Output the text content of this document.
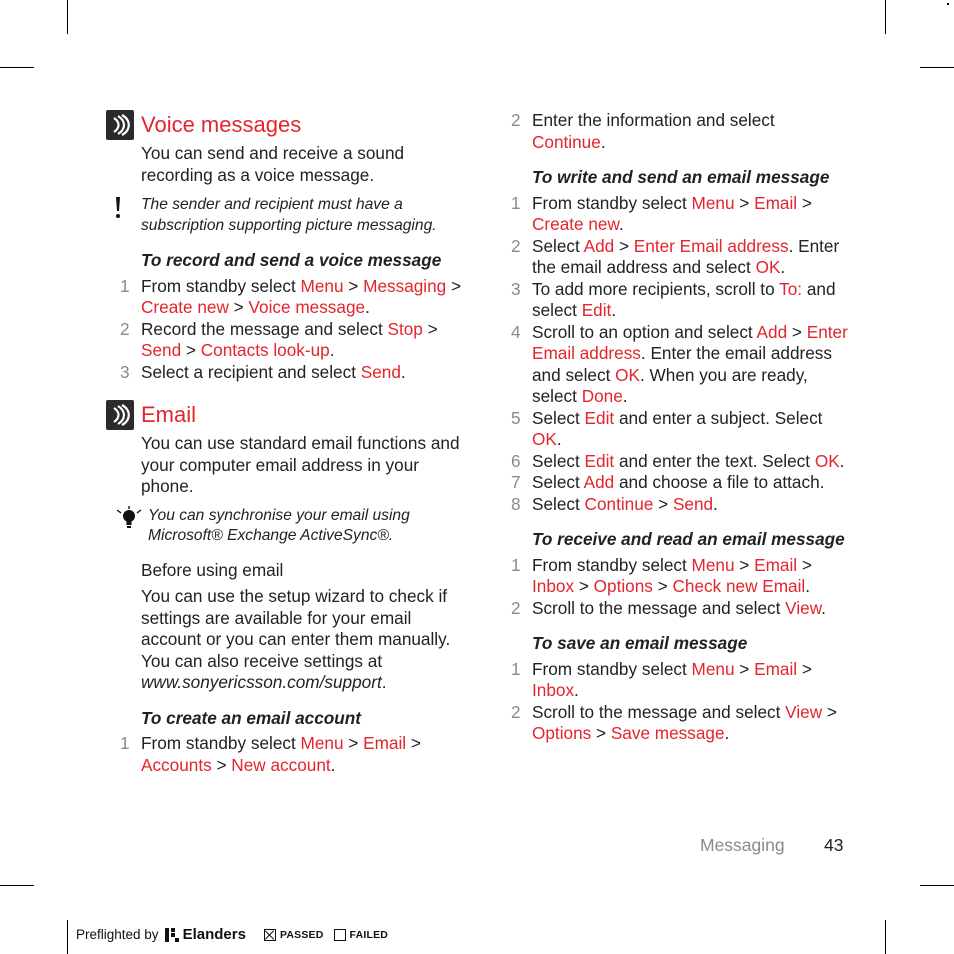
Voice messages

You can send and receive a sound recording as a voice message.

The sender and recipient must have a subscription supporting picture messaging.
To record and send a voice message
1 From standby select Menu > Messaging > Create new > Voice message.
2 Record the message and select Stop > Send > Contacts look-up.
3 Select a recipient and select Send.
Email

You can use standard email functions and your computer email address in your phone.

You can synchronise your email using Microsoft® Exchange ActiveSync®.
Before using email

You can use the setup wizard to check if settings are available for your email account or you can enter them manually. You can also receive settings at www.sonyericsson.com/support.

To create an email account
1 From standby select Menu > Email > Accounts > New account.
2 Enter the information and select Continue.
To write and send an email message
1 From standby select Menu > Email > Create new.
2 Select Add > Enter Email address. Enter the email address and select OK.
3 To add more recipients, scroll to To: and select Edit.
4 Scroll to an option and select Add > Enter Email address. Enter the email address and select OK. When you are ready, select Done.
5 Select Edit and enter a subject. Select OK.
6 Select Edit and enter the text. Select OK.
7 Select Add and choose a file to attach.
8 Select Continue > Send.
To receive and read an email message
1 From standby select Menu > Email > Inbox > Options > Check new Email.
2 Scroll to the message and select View.
To save an email message
1 From standby select Menu > Email > Inbox.
2 Scroll to the message and select View > Options > Save message.
Messaging 43
Preflighted by Elanders	PASSED FAILED
